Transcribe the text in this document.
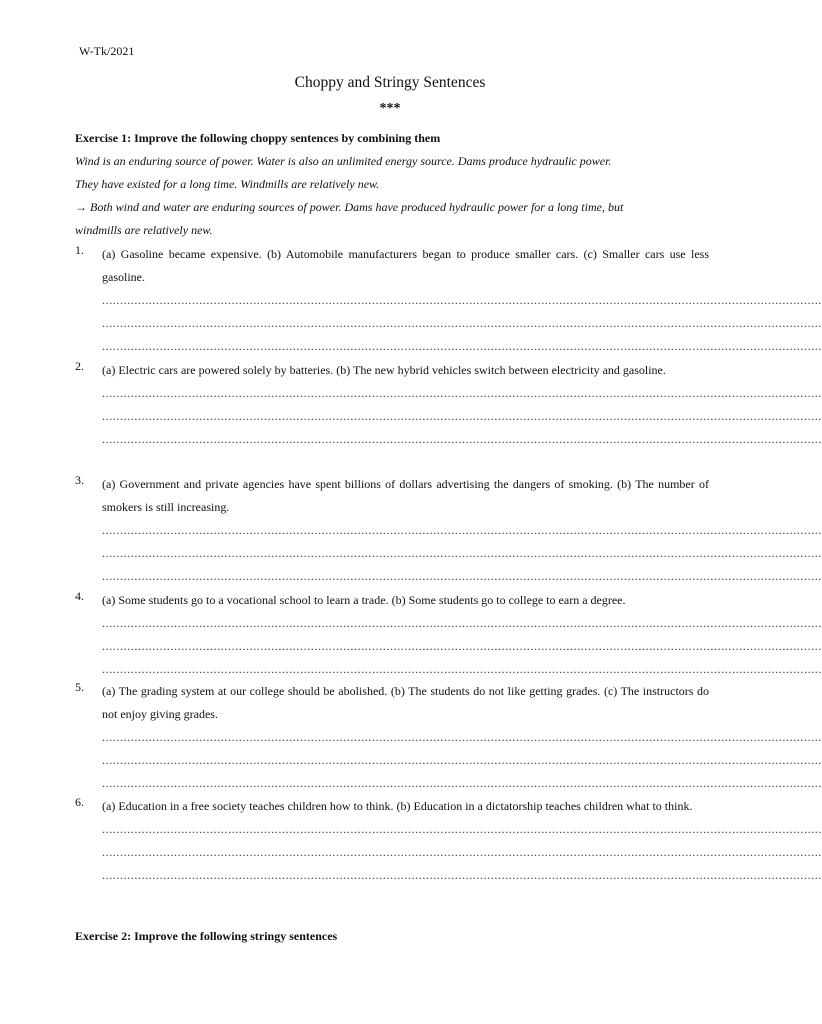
W-Tk/2021
Choppy and Stringy Sentences
***
Exercise 1: Improve the following choppy sentences by combining them

Wind is an enduring source of power. Water is also an unlimited energy source. Dams produce hydraulic power.

They have existed for a long time. Windmills are relatively new.

→ Both wind and water are enduring sources of power. Dams have produced hydraulic power for a long time, but

windmills are relatively new.

1.	(a) Gasoline became expensive. (b) Automobile manufacturers began to produce smaller cars. (c) Smaller cars use less gasoline.
........................................................................................................................................................................................................
........................................................................................................................................................................................................
........................................................................................................................................................................................................
2.	(a) Electric cars are powered solely by batteries. (b) The new hybrid vehicles switch between electricity and gasoline.
........................................................................................................................................................................................................
........................................................................................................................................................................................................
........................................................................................................................................................................................................
3.	(a) Government and private agencies have spent billions of dollars advertising the dangers of smoking. (b) The number of smokers is still increasing.
........................................................................................................................................................................................................
........................................................................................................................................................................................................
........................................................................................................................................................................................................
4.	(a) Some students go to a vocational school to learn a trade. (b) Some students go to college to earn a degree.
........................................................................................................................................................................................................
........................................................................................................................................................................................................
........................................................................................................................................................................................................
5.	(a) The grading system at our college should be abolished. (b) The students do not like getting grades. (c) The instructors do not enjoy giving grades.
........................................................................................................................................................................................................
........................................................................................................................................................................................................
........................................................................................................................................................................................................
6.	(a) Education in a free society teaches children how to think. (b) Education in a dictatorship teaches children what to think.
........................................................................................................................................................................................................
........................................................................................................................................................................................................
........................................................................................................................................................................................................
Exercise 2: Improve the following stringy sentences
